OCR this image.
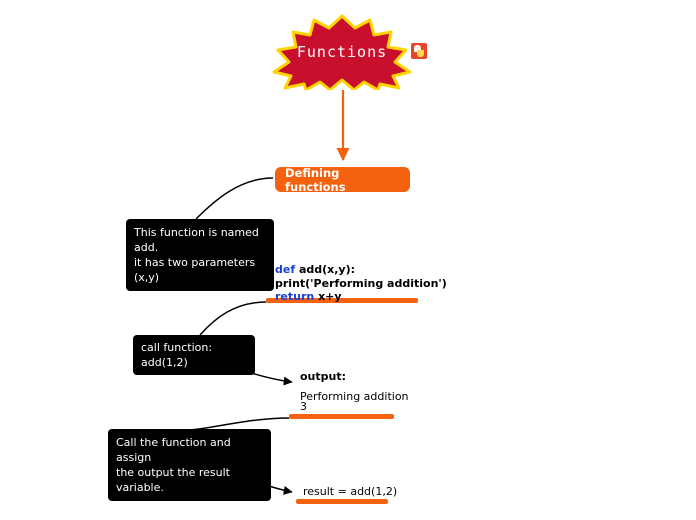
Functions
Defining functions
This function is named add.
it has two parameters (x,y)
def add(x,y):
print('Performing addition')
return x+y
call function: add(1,2)
output:
Performing addition
3
Call the function and assign
the output the result variable.	result = add(1,2)
